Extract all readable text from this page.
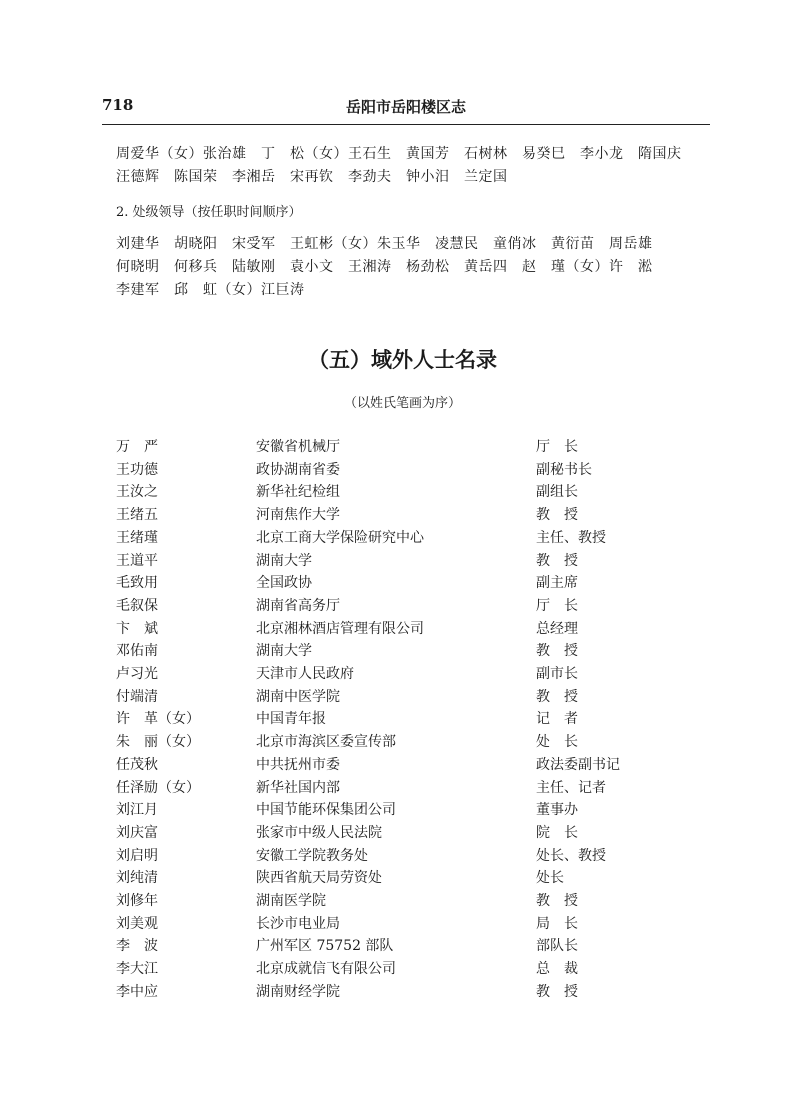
718	岳阳市岳阳楼区志
周爱华（女）张治雄　丁　松（女）王石生　黄国芳　石树林　易癸巳　李小龙　隋国庆
汪德辉　陈国荣　李湘岳　宋再钦　李劲夫　钟小汨　兰定国
2. 处级领导（按任职时间顺序）
刘建华　胡晓阳　宋受军　王虹彬（女）朱玉华　凌慧民　童俏冰　黄衍苗　周岳雄
何晓明　何移兵　陆敏刚　袁小文　王湘涛　杨劲松　黄岳四　赵　瑾（女）许　淞
李建军　邱　虹（女）江巨涛
（五）域外人士名录
（以姓氏笔画为序）
万　严	安徽省机械厅	厅　长
王功德	政协湖南省委	副秘书长
王汝之	新华社纪检组	副组长
王绪五	河南焦作大学	教　授
王绪瑾	北京工商大学保险研究中心	主任、教授
王道平	湖南大学	教　授
毛致用	全国政协	副主席
毛叙保	湖南省高务厅	厅　长
卞　斌	北京湘林酒店管理有限公司	总经理
邓佑南	湖南大学	教　授
卢习光	天津市人民政府	副市长
付端清	湖南中医学院	教　授
许　革（女）	中国青年报	记　者
朱　丽（女）	北京市海滨区委宣传部	处　长
任茂秋	中共抚州市委	政法委副书记
任泽励（女）	新华社国内部	主任、记者
刘江月	中国节能环保集团公司	董事办
刘庆富	张家市中级人民法院	院　长
刘启明	安徽工学院教务处	处长、教授
刘纯清	陕西省航天局劳资处	处长
刘修年	湖南医学院	教　授
刘美观	长沙市电业局	局　长
李　波	广州军区 75752 部队	部队长
李大江	北京成就信飞有限公司	总　裁
李中应	湖南财经学院	教　授
